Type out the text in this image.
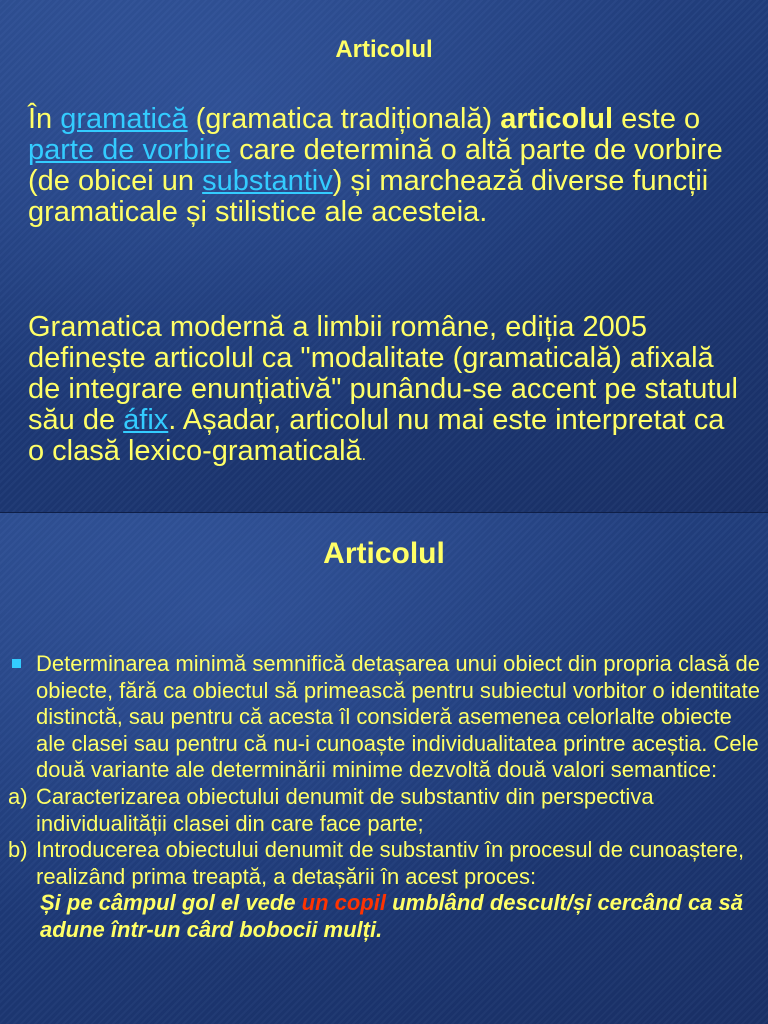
Articolul
În gramatică (gramatica tradițională) articolul este o parte de vorbire care determină o altă parte de vorbire (de obicei un substantiv) și marchează diverse funcții gramaticale și stilistice ale acesteia.
Gramatica modernă a limbii române, ediția 2005 definește articolul ca "modalitate (gramaticală) afixală de integrare enunțiativă" punându-se accent pe statutul său de áfix. Așadar, articolul nu mai este interpretat ca o clasă lexico-gramaticală.
Articolul
Determinarea minimă semnifică detașarea unui obiect din propria clasă de obiecte, fără ca obiectul să primească pentru subiectul vorbitor o identitate distinctă, sau pentru că acesta îl consideră asemenea celorlalte obiecte ale clasei sau pentru că nu-i cunoaște individualitatea printre aceștia. Cele două variante ale determinării minime dezvoltă două valori semantice:
a) Caracterizarea obiectului denumit de substantiv din perspectiva individualității clasei din care face parte;
b) Introducerea obiectului denumit de substantiv în procesul de cunoaștere, realizând prima treaptă, a detașării în acest proces:
Și pe câmpul gol el vede un copil umblând descult/și cercând ca să adune într-un cârd bobocii mulți.
